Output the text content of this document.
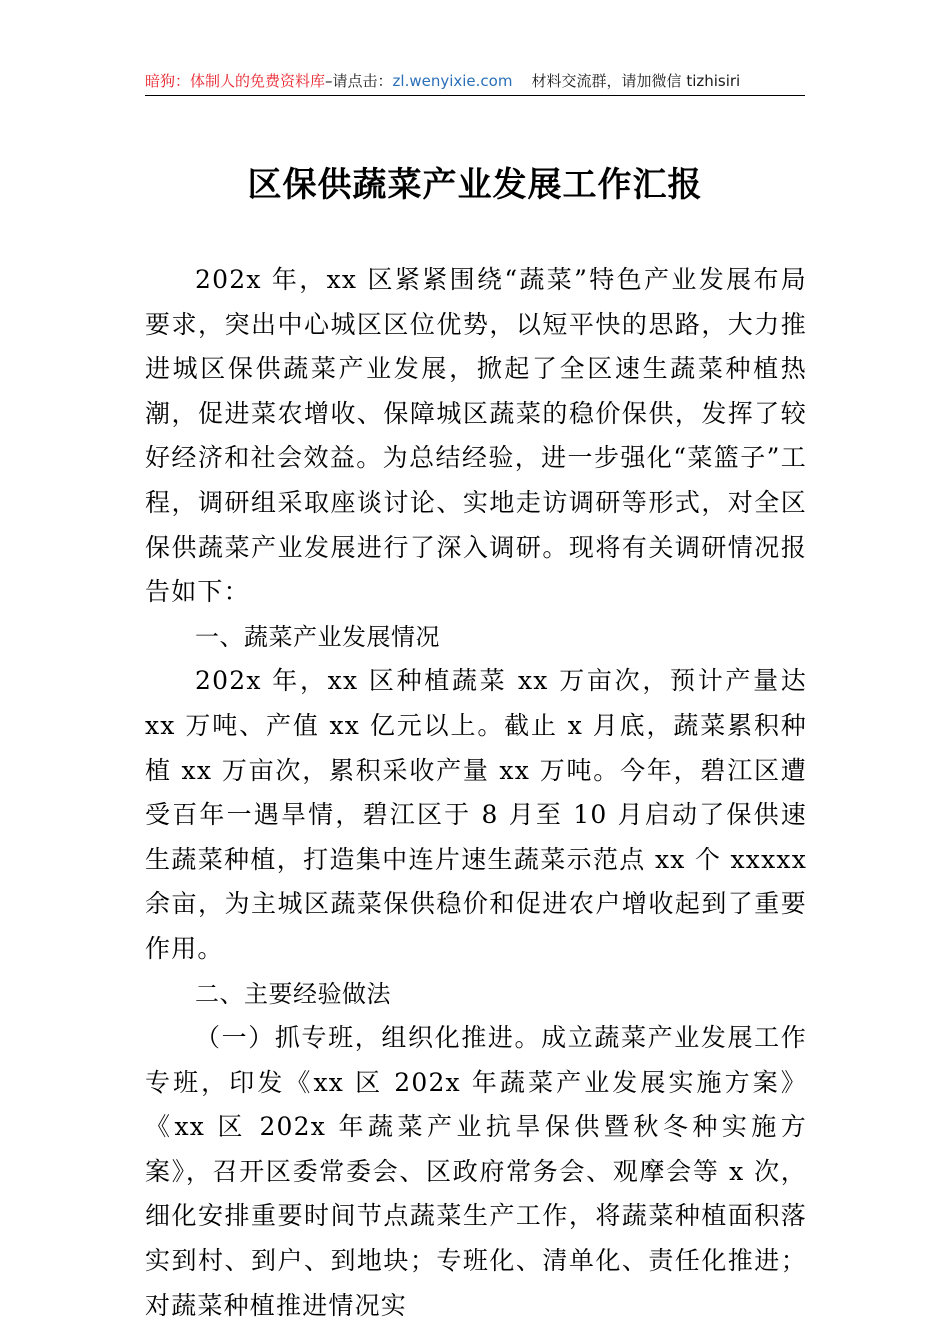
暗狗：体制人的免费资料库–请点击：zl.wenyixie.com 材料交流群，请加微信 tizhisiri
区保供蔬菜产业发展工作汇报

202x 年，xx 区紧紧围绕“蔬菜”特色产业发展布局要求，突出中心城区区位优势，以短平快的思路，大力推进城区保供蔬菜产业发展，掀起了全区速生蔬菜种植热潮，促进菜农增收、保障城区蔬菜的稳价保供，发挥了较好经济和社会效益。为总结经验，进一步强化“菜篮子”工程，调研组采取座谈讨论、实地走访调研等形式，对全区保供蔬菜产业发展进行了深入调研。现将有关调研情况报告如下：

一、蔬菜产业发展情况

202x 年，xx 区种植蔬菜 xx 万亩次，预计产量达 xx 万吨、产值 xx 亿元以上。截止 x 月底，蔬菜累积种植 xx 万亩次，累积采收产量 xx 万吨。今年，碧江区遭受百年一遇旱情，碧江区于 8 月至 10 月启动了保供速生蔬菜种植，打造集中连片速生蔬菜示范点 xx 个 xxxxx 余亩，为主城区蔬菜保供稳价和促进农户增收起到了重要作用。

二、主要经验做法

（一）抓专班，组织化推进。成立蔬菜产业发展工作专班，印发《xx 区 202x 年蔬菜产业发展实施方案》《xx 区 202x 年蔬菜产业抗旱保供暨秋冬种实施方案》，召开区委常委会、区政府常务会、观摩会等 x 次，细化安排重要时间节点蔬菜生产工作，将蔬菜种植面积落实到村、到户、到地块；专班化、清单化、责任化推进；对蔬菜种植推进情况实
